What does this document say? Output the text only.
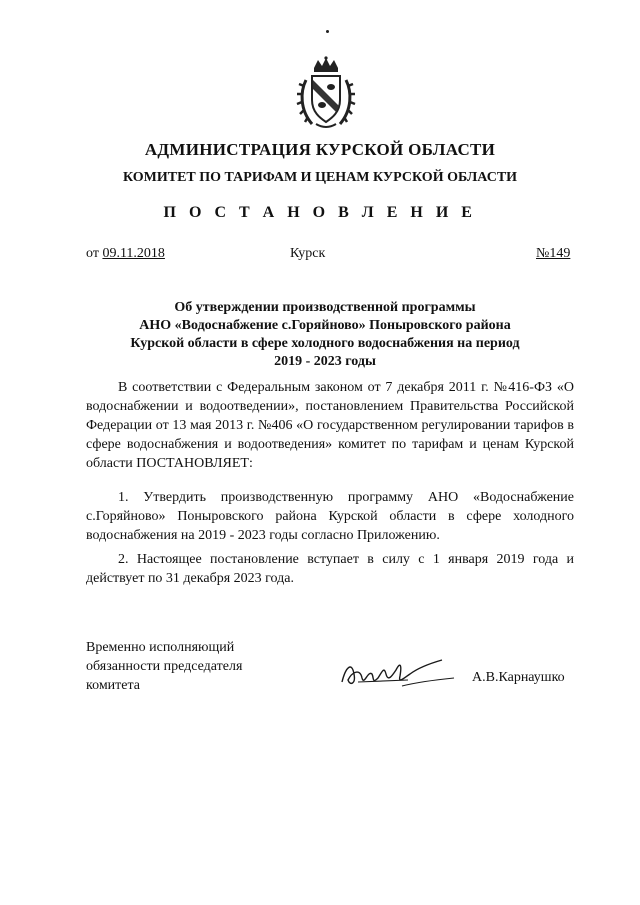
АДМИНИСТРАЦИЯ КУРСКОЙ ОБЛАСТИ
КОМИТЕТ ПО ТАРИФАМ И ЦЕНАМ КУРСКОЙ ОБЛАСТИ
П О С Т А Н О В Л Е Н И Е
от 09.11.2018	Курск	№149
Об утверждении производственной программы
АНО «Водоснабжение с.Горяйново» Поныровского района
Курской области в сфере холодного водоснабжения на период
2019 - 2023 годы
В соответствии с Федеральным законом от 7 декабря 2011 г. №416-ФЗ «О водоснабжении и водоотведении», постановлением Правительства Российской Федерации от 13 мая 2013 г. №406 «О государственном регулировании тарифов в сфере водоснабжения и водоотведения» комитет по тарифам и ценам Курской области ПОСТАНОВЛЯЕТ:
1. Утвердить производственную программу АНО «Водоснабжение с.Горяйново» Поныровского района Курской области в сфере холодного водоснабжения на 2019 - 2023 годы согласно Приложению.
2. Настоящее постановление вступает в силу с 1 января 2019 года и действует по 31 декабря 2023 года.
Временно исполняющий
обязанности председателя
комитета
А.В.Карнаушко
